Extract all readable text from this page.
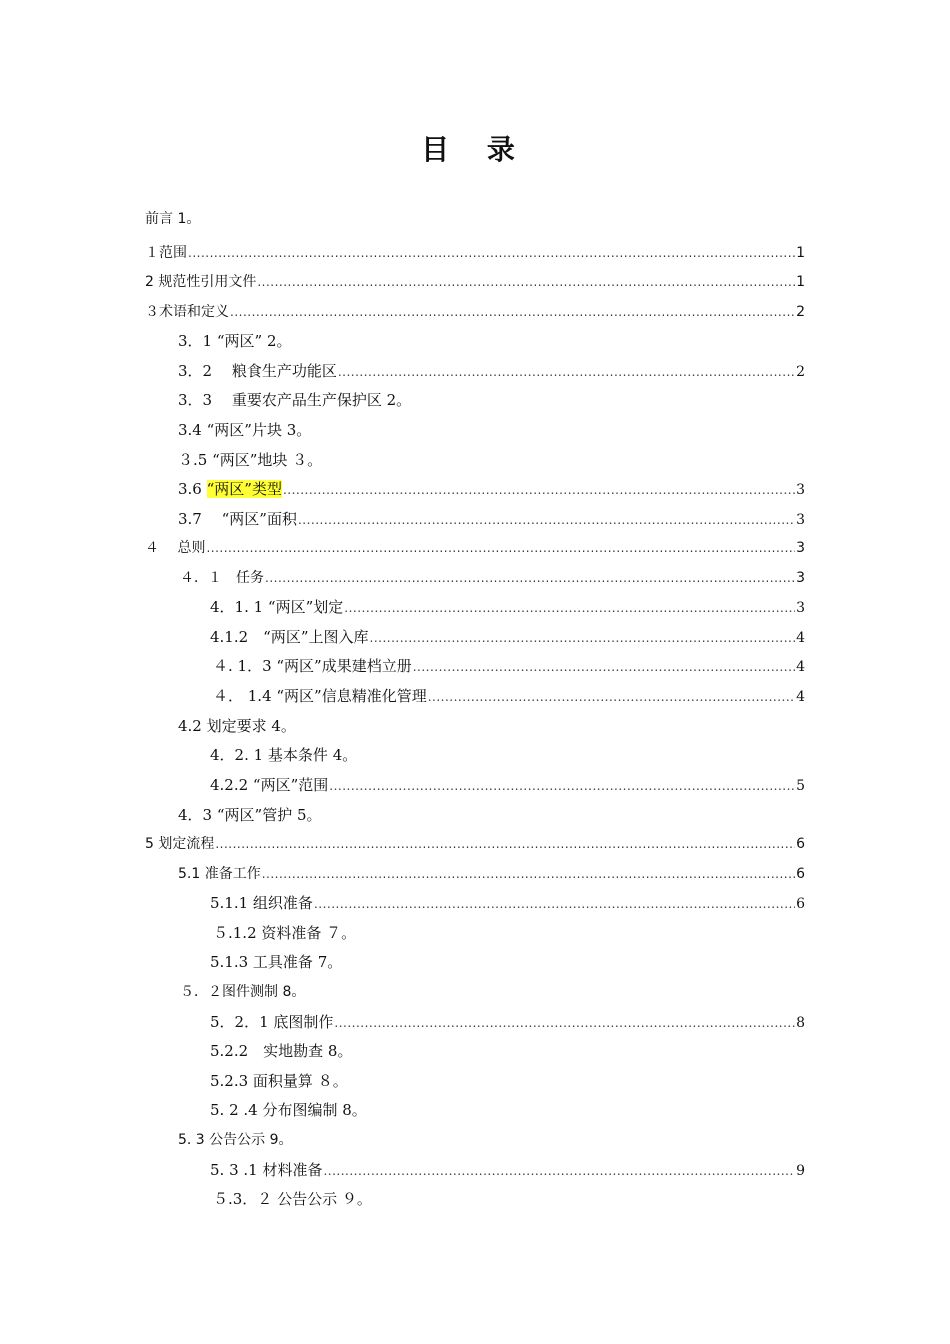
目 录
前言 1。
１范围 .....	1
2 规范性引用文件 .....	1
３术语和定义 .....	2
3．1 “两区” 2。
3．2　 粮食生产功能区 .....	2
3．3　 重要农产品生产保护区 2。
3.4 “两区”片块 3。
３.5 “两区”地块 ３。
3.6 “两区”类型 .....	3
3.7　 “两区”面积 .....	3
４　 总则 .....	3
４．１　任务 .....	3
4．1. 1 “两区”划定 .....	3
4.1.2　“两区”上图入库 .....	4
４. 1．3 “两区”成果建档立册 .....	4
４． 1.4 “两区”信息精准化管理 .....	4
4.2 划定要求 4。
4．2. 1 基本条件 4。
4.2.2 “两区”范围 .....	5
4．3 “两区”管护 5。
5 划定流程 .....	6
5.1 准备工作 .....	6
5.1.1 组织准备 .....	6
５.1.2 资料准备 ７。
5.1.3 工具准备 7。
５．２图件测制 8。
5．2．1 底图制作 .....	8
5.2.2　实地勘查 8。
5.2.3 面积量算 ８。
5. 2 .4 分布图编制 8。
5. 3 公告公示 9。
5. 3 .1 材料准备 .....	9
５.3．２ 公告公示 ９。
